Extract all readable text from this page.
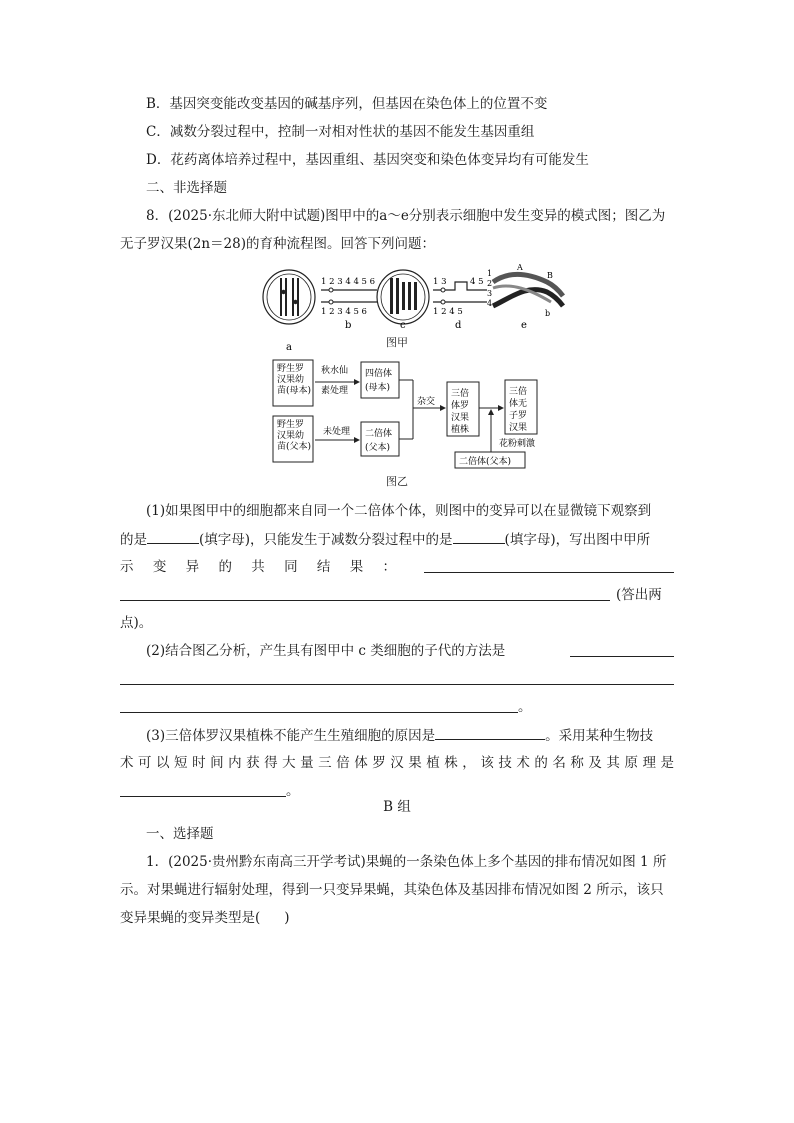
B．基因突变能改变基因的碱基序列，但基因在染色体上的位置不变
C．减数分裂过程中，控制一对相对性状的基因不能发生基因重组
D．花药离体培养过程中，基因重组、基因突变和染色体变异均有可能发生
二、非选择题
8．(2025·东北师大附中试题)图甲中的a～e分别表示细胞中发生变异的模式图；图乙为
无子罗汉果(2n＝28)的育种流程图。回答下列问题：
a
1 2 3 4 4 5 6
1 2 3 4 5 6
b	c
1 3	4 5
1 2 4 5
d
1
2
3
4
A
B
b
e
图甲
野生罗
汉果幼
苗(母本)
秋水仙
素处理
四倍体
(母本)
野生罗
汉果幼
苗(父本)
未处理 二倍体
(父本)
杂交
三倍
体罗
汉果
植株
三倍
体无
子罗
汉果
花粉刺激
二倍体(父本)
图乙
(1)如果图甲中的细胞都来自同一个二倍体个体，则图中的变异可以在显微镜下观察到
的是	(填字母)，只能发生于减数分裂过程中的是	(填字母)，写出图中甲所
示 变 异 的 共 同 结 果 ：
(答出两
点)。
(2)结合图乙分析，产生具有图甲中 c 类细胞的子代的方法是
。
(3)三倍体罗汉果植株不能产生生殖细胞的原因是	。采用某种生物技
术 可 以 短 时 间 内 获 得 大 量 三 倍 体 罗 汉 果 植 株 ， 该 技 术 的 名 称 及 其 原 理 是
。
B 组
一、选择题
1．(2025·贵州黔东南高三开学考试)果蝇的一条染色体上多个基因的排布情况如图 1 所
示。对果蝇进行辐射处理，得到一只变异果蝇，其染色体及基因排布情况如图 2 所示，该只
变异果蝇的变异类型是( )
